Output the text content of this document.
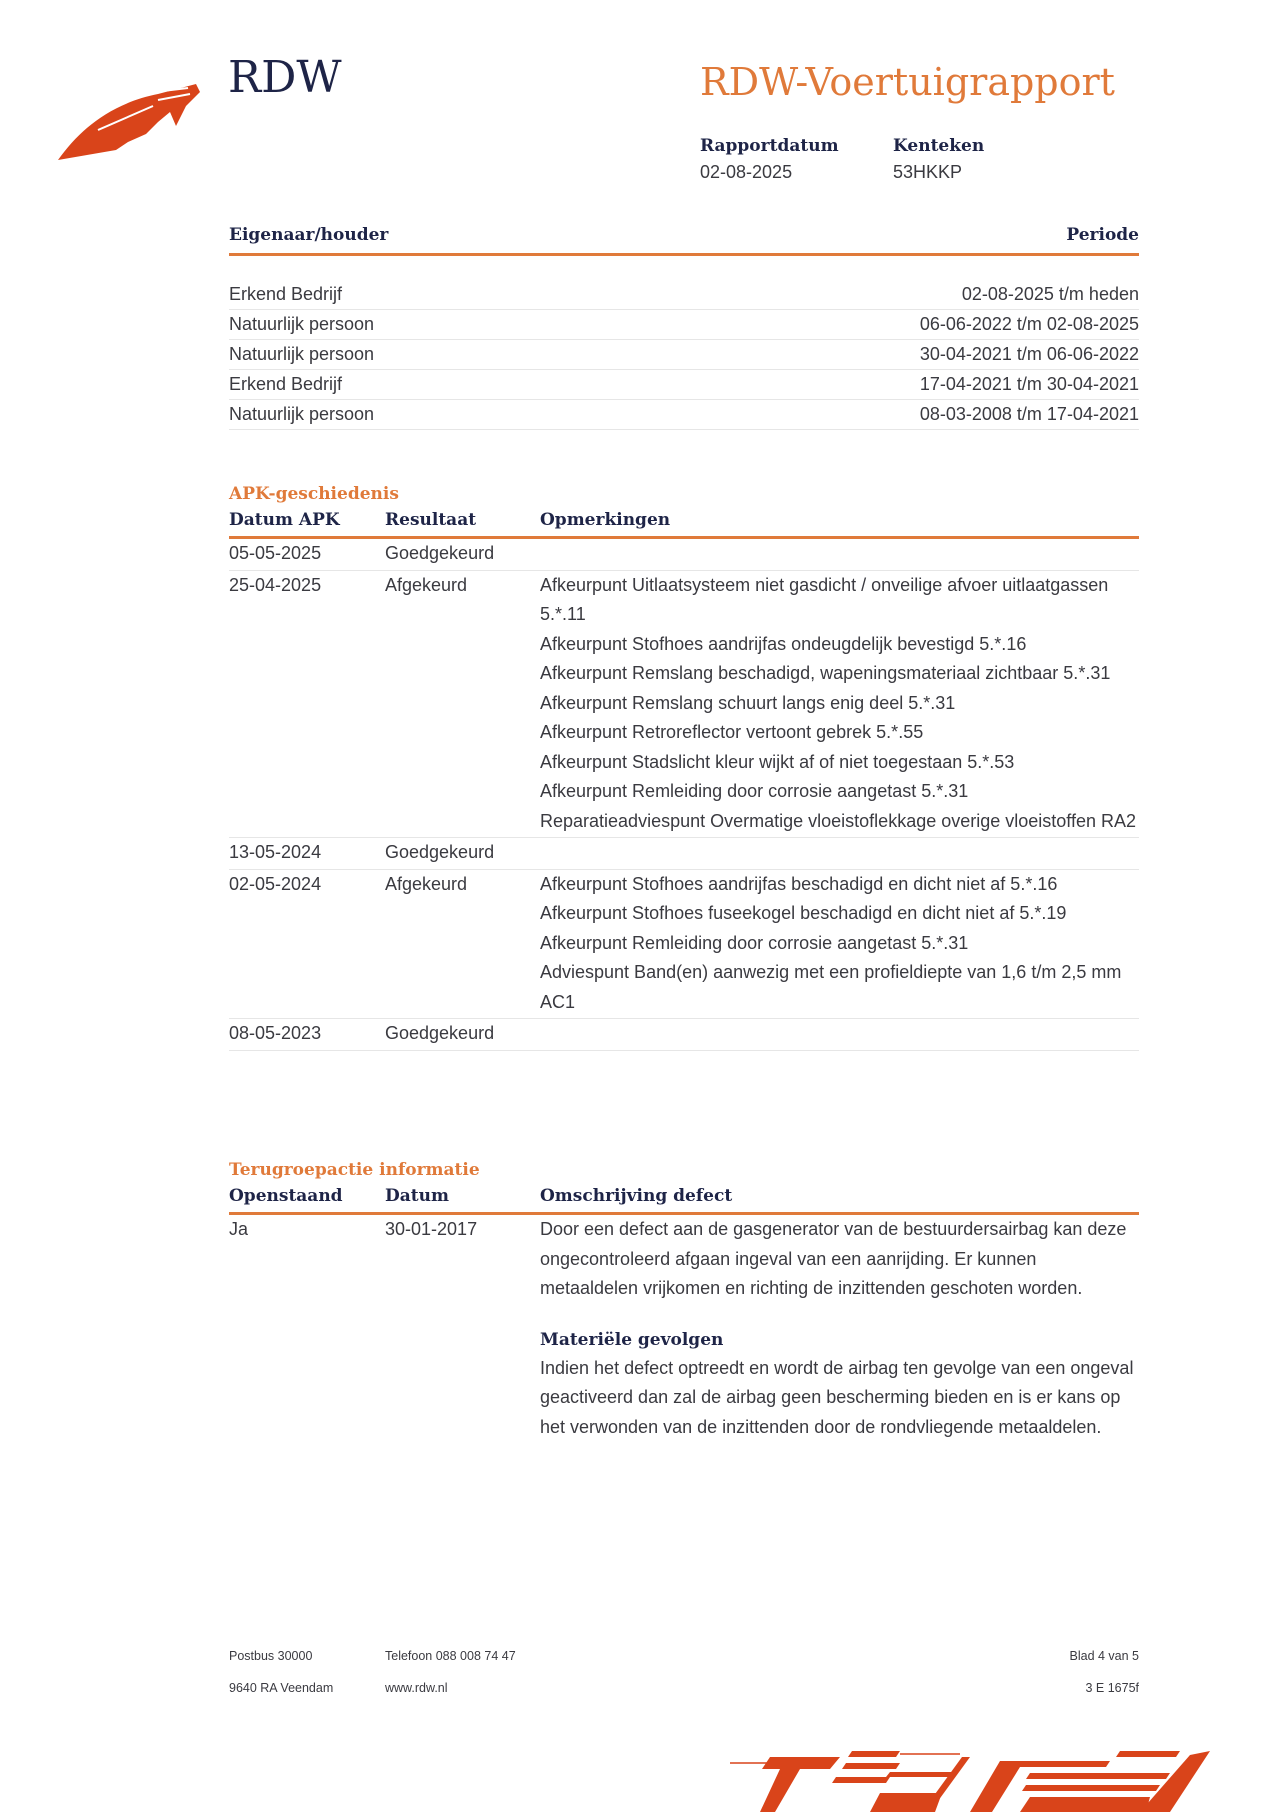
RDW	RDW-Voertuigrapport
Rapportdatum
02-08-2025
Kenteken
53HKKP
Eigenaar/houder	Periode
Erkend Bedrijf	02-08-2025 t/m heden
Natuurlijk persoon	06-06-2022 t/m 02-08-2025
Natuurlijk persoon	30-04-2021 t/m 06-06-2022
Erkend Bedrijf	17-04-2021 t/m 30-04-2021
Natuurlijk persoon	08-03-2008 t/m 17-04-2021
APK-geschiedenis
Datum APK	Resultaat	Opmerkingen
05-05-2025	Goedgekeurd
25-04-2025	Afgekeurd	Afkeurpunt Uitlaatsysteem niet gasdicht / onveilige afvoer uitlaatgassen 5.*.11
Afkeurpunt Stofhoes aandrijfas ondeugdelijk bevestigd 5.*.16
Afkeurpunt Remslang beschadigd, wapeningsmateriaal zichtbaar 5.*.31
Afkeurpunt Remslang schuurt langs enig deel 5.*.31
Afkeurpunt Retroreflector vertoont gebrek 5.*.55
Afkeurpunt Stadslicht kleur wijkt af of niet toegestaan 5.*.53
Afkeurpunt Remleiding door corrosie aangetast 5.*.31
Reparatieadviespunt Overmatige vloeistoflekkage overige vloeistoffen RA2
13-05-2024	Goedgekeurd
02-05-2024	Afgekeurd	Afkeurpunt Stofhoes aandrijfas beschadigd en dicht niet af 5.*.16
Afkeurpunt Stofhoes fuseekogel beschadigd en dicht niet af 5.*.19
Afkeurpunt Remleiding door corrosie aangetast 5.*.31
Adviespunt Band(en) aanwezig met een profieldiepte van 1,6 t/m 2,5 mm AC1
08-05-2023	Goedgekeurd
Terugroepactie informatie
Openstaand	Datum	Omschrijving defect
Ja	30-01-2017	Door een defect aan de gasgenerator van de bestuurdersairbag kan deze ongecontroleerd afgaan ingeval van een aanrijding. Er kunnen metaaldelen vrijkomen en richting de inzittenden geschoten worden.
Materiële gevolgen
Indien het defect optreedt en wordt de airbag ten gevolge van een ongeval geactiveerd dan zal de airbag geen bescherming bieden en is er kans op het verwonden van de inzittenden door de rondvliegende metaaldelen.
Postbus 30000	Telefoon 088 008 74 47	Blad 4 van 5
9640 RA Veendam	www.rdw.nl	3 E 1675f
